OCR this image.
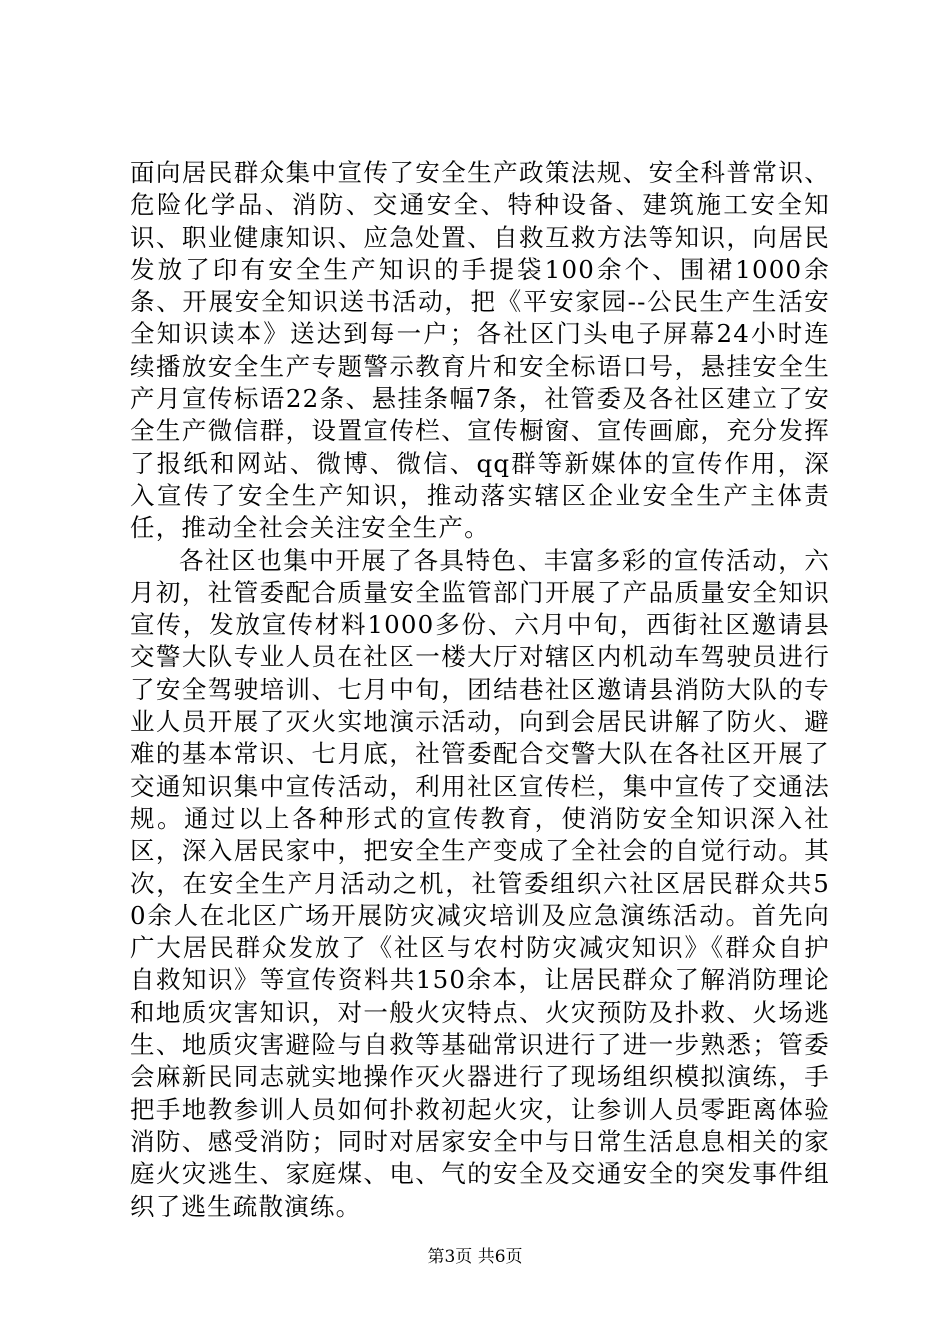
面向居民群众集中宣传了安全生产政策法规、安全科普常识、危险化学品、消防、交通安全、特种设备、建筑施工安全知识、职业健康知识、应急处置、自救互救方法等知识，向居民发放了印有安全生产知识的手提袋100余个、围裙1000余条、开展安全知识送书活动，把《平安家园--公民生产生活安全知识读本》送达到每一户；各社区门头电子屏幕24小时连续播放安全生产专题警示教育片和安全标语口号，悬挂安全生产月宣传标语22条、悬挂条幅7条，社管委及各社区建立了安全生产微信群，设置宣传栏、宣传橱窗、宣传画廊，充分发挥了报纸和网站、微博、微信、qq群等新媒体的宣传作用，深入宣传了安全生产知识，推动落实辖区企业安全生产主体责任，推动全社会关注安全生产。

各社区也集中开展了各具特色、丰富多彩的宣传活动，六月初，社管委配合质量安全监管部门开展了产品质量安全知识宣传，发放宣传材料1000多份、六月中旬，西街社区邀请县交警大队专业人员在社区一楼大厅对辖区内机动车驾驶员进行了安全驾驶培训、七月中旬，团结巷社区邀请县消防大队的专业人员开展了灭火实地演示活动，向到会居民讲解了防火、避难的基本常识、七月底，社管委配合交警大队在各社区开展了交通知识集中宣传活动，利用社区宣传栏，集中宣传了交通法规。通过以上各种形式的宣传教育，使消防安全知识深入社区，深入居民家中，把安全生产变成了全社会的自觉行动。其次，在安全生产月活动之机，社管委组织六社区居民群众共50余人在北区广场开展防灾减灾培训及应急演练活动。首先向广大居民群众发放了《社区与农村防灾减灾知识》《群众自护自救知识》等宣传资料共150余本，让居民群众了解消防理论和地质灾害知识，对一般火灾特点、火灾预防及扑救、火场逃生、地质灾害避险与自救等基础常识进行了进一步熟悉；管委会麻新民同志就实地操作灭火器进行了现场组织模拟演练，手把手地教参训人员如何扑救初起火灾，让参训人员零距离体验消防、感受消防；同时对居家安全中与日常生活息息相关的家庭火灾逃生、家庭煤、电、气的安全及交通安全的突发事件组织了逃生疏散演练。

第3页 共6页
